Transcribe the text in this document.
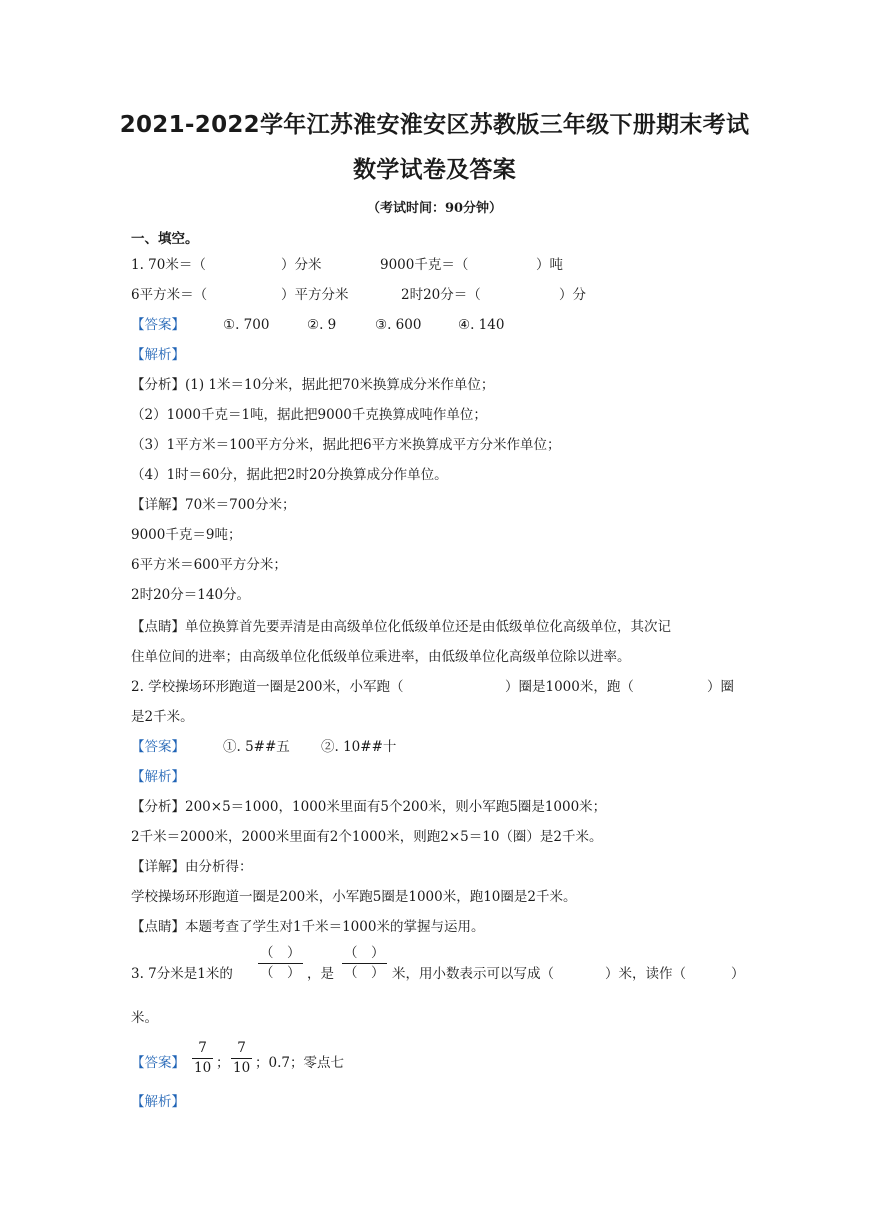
2021-2022学年江苏淮安淮安区苏教版三年级下册期末考试
数学试卷及答案
（考试时间：90分钟）
一、填空。
1. 70米＝（	）分米	9000千克＝（	）吨
6平方米＝（	）平方分米	2时20分＝（	）分
【答案】	①. 700	②. 9	③. 600	④. 140
【解析】
【分析】(1) 1米＝10分米，据此把70米换算成分米作单位；
（2）1000千克＝1吨，据此把9000千克换算成吨作单位；
（3）1平方米＝100平方分米，据此把6平方米换算成平方分米作单位；
（4）1时＝60分，据此把2时20分换算成分作单位。
【详解】70米＝700分米；
9000千克＝9吨；
6平方米＝600平方分米；
2时20分＝140分。
【点睛】单位换算首先要弄清是由高级单位化低级单位还是由低级单位化高级单位，其次记
住单位间的进率；由高级单位化低级单位乘进率，由低级单位化高级单位除以进率。
2. 学校操场环形跑道一圈是200米，小军跑（	）圈是1000米，跑（	）圈
是2千米。
【答案】	①. 5##五 ②. 10##十
【解析】
【分析】200×5＝1000，1000米里面有5个200米，则小军跑5圈是1000米；
2千米＝2000米，2000米里面有2个1000米，则跑2×5＝10（圈）是2千米。
【详解】由分析得：
学校操场环形跑道一圈是200米，小军跑5圈是1000米，跑10圈是2千米。
【点睛】本题考查了学生对1千米＝1000米的掌握与运用。
3. 7分米是1米的 $\frac{( )}{( )}$ ，是 $\frac{( )}{( )}$ 米，用小数表示可以写成（	）米，读作（	）
米。
【答案】 $\frac{7}{10}$ ； $\frac{7}{10}$ ；0.7；零点七
【解析】
